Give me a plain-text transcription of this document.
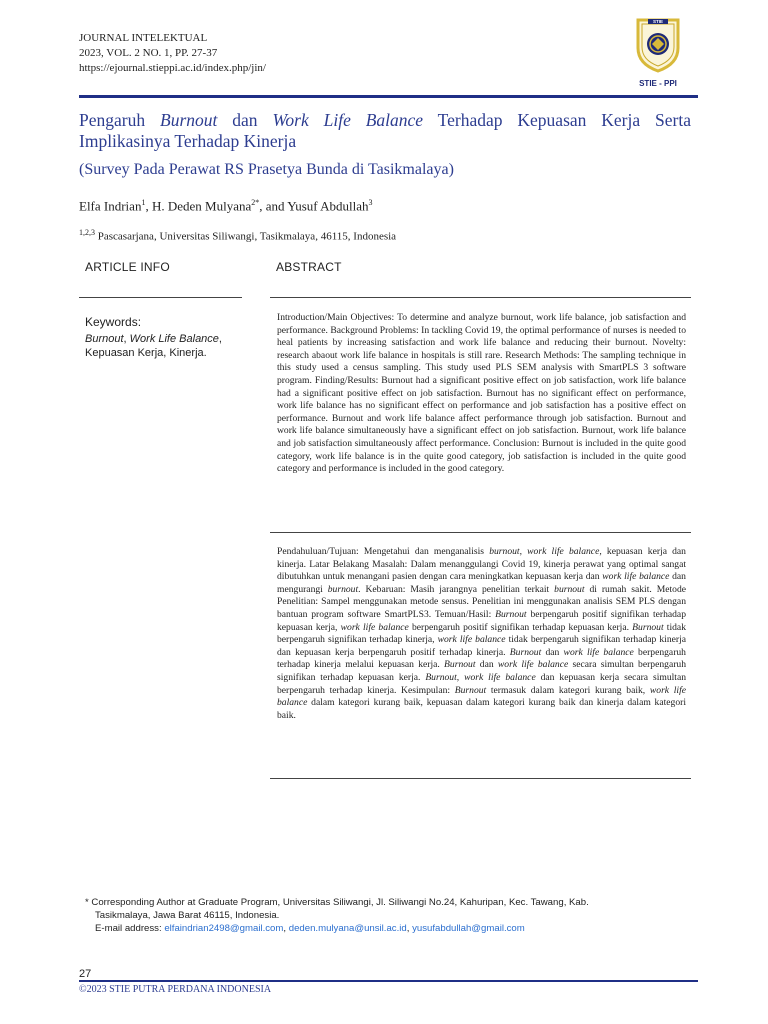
JOURNAL INTELEKTUAL
2023, VOL. 2 NO. 1, PP. 27-37
https://ejournal.stieppi.ac.id/index.php/jin/
STIE
STIE - PPI
Pengaruh Burnout dan Work Life Balance Terhadap Kepuasan Kerja Serta Implikasinya Terhadap Kinerja
(Survey Pada Perawat RS Prasetya Bunda di Tasikmalaya)
Elfa Indrian$^1$, H. Deden Mulyana$^{2*}$, and Yusuf Abdullah$^3$
$^{1,2,3}$ Pascasarjana, Universitas Siliwangi, Tasikmalaya, 46115, Indonesia
ARTICLE INFO	ABSTRACT
Keywords:
Burnout, Work Life Balance, Kepuasan Kerja, Kinerja.
Introduction/Main Objectives: To determine and analyze burnout, work life balance, job satisfaction and performance. Background Problems: In tackling Covid 19, the optimal performance of nurses is needed to heal patients by increasing satisfaction and work life balance and reducing their burnout. Novelty: research abaout work life balance in hospitals is still rare. Research Methods: The sampling technique in this study used a census sampling. This study used PLS SEM analysis with SmartPLS 3 software program. Finding/Results: Burnout had a significant positive effect on job satisfaction, work life balance had a significant positive effect on job satisfaction. Burnout has no significant effect on performance, work life balance has no significant effect on performance and job satisfaction has a positive effect on performance. Burnout and work life balance affect performance through job satisfaction. Burnout and work life balance simultaneously have a significant effect on job satisfaction. Burnout, work life balance and job satisfaction simultaneously affect performance. Conclusion: Burnout is included in the quite good category, work life balance is in the quite good category, job satisfaction is included in the quite good category and performance is included in the good category.
Pendahuluan/Tujuan: Mengetahui dan menganalisis burnout, work life balance, kepuasan kerja dan kinerja. Latar Belakang Masalah: Dalam menanggulangi Covid 19, kinerja perawat yang optimal sangat dibutuhkan untuk menangani pasien dengan cara meningkatkan kepuasan kerja dan work life balance dan mengurangi burnout. Kebaruan: Masih jarangnya penelitian terkait burnout di rumah sakit. Metode Penelitian: Sampel menggunakan metode sensus. Penelitian ini menggunakan analisis SEM PLS dengan bantuan program software SmartPLS3. Temuan/Hasil: Burnout berpengaruh positif signifikan terhadap kepuasan kerja, work life balance berpengaruh positif signifikan terhadap kepuasan kerja. Burnout tidak berpengaruh signifikan terhadap kinerja, work life balance tidak berpengaruh signifikan terhadap kinerja dan kepuasan kerja berpengaruh positif terhadap kinerja. Burnout dan work life balance berpengaruh terhadap kinerja melalui kepuasan kerja. Burnout dan work life balance secara simultan berpengaruh signifikan terhadap kepuasan kerja. Burnout, work life balance dan kepuasan kerja secara simultan berpengaruh terhadap kinerja. Kesimpulan: Burnout termasuk dalam kategori kurang baik, work life balance dalam kategori kurang baik, kepuasan dalam kategori kurang baik dan kinerja dalam kategori baik.
* Corresponding Author at Graduate Program, Universitas Siliwangi, Jl. Siliwangi No.24, Kahuripan, Kec. Tawang, Kab.
Tasikmalaya, Jawa Barat 46115, Indonesia.
E-mail address: elfaindrian2498@gmail.com, deden.mulyana@unsil.ac.id, yusufabdullah@gmail.com
27
©2023 STIE PUTRA PERDANA INDONESIA
